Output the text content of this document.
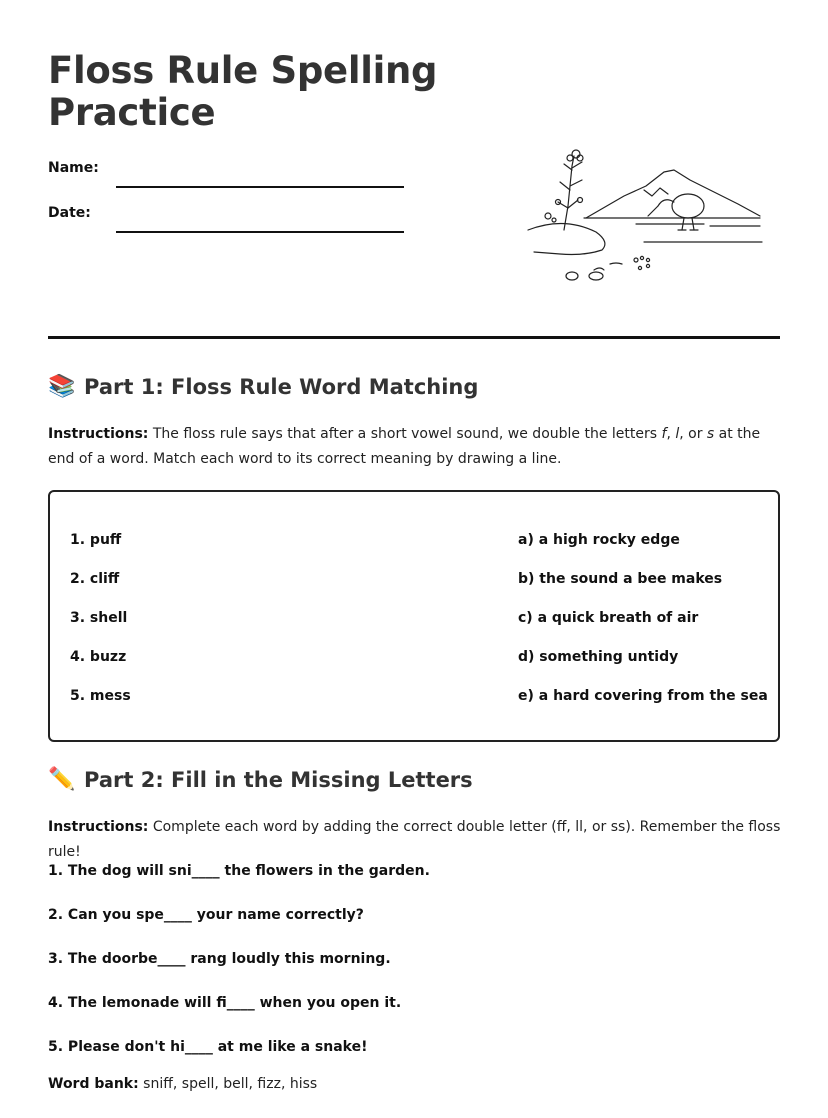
Floss Rule Spelling Practice
Name:
Date:
📚 Part 1: Floss Rule Word Matching
Instructions: The floss rule says that after a short vowel sound, we double the letters f, l, or s at the end of a word. Match each word to its correct meaning by drawing a line.
1. puff
2. cliff
3. shell
4. buzz
5. mess
a) a high rocky edge
b) the sound a bee makes
c) a quick breath of air
d) something untidy
e) a hard covering from the sea
✏️ Part 2: Fill in the Missing Letters
Instructions: Complete each word by adding the correct double letter (ff, ll, or ss). Remember the floss rule!
1. The dog will sni____ the flowers in the garden.
2. Can you spe____ your name correctly?
3. The doorbe____ rang loudly this morning.
4. The lemonade will fi____ when you open it.
5. Please don't hi____ at me like a snake!
Word bank: sniff, spell, bell, fizz, hiss
